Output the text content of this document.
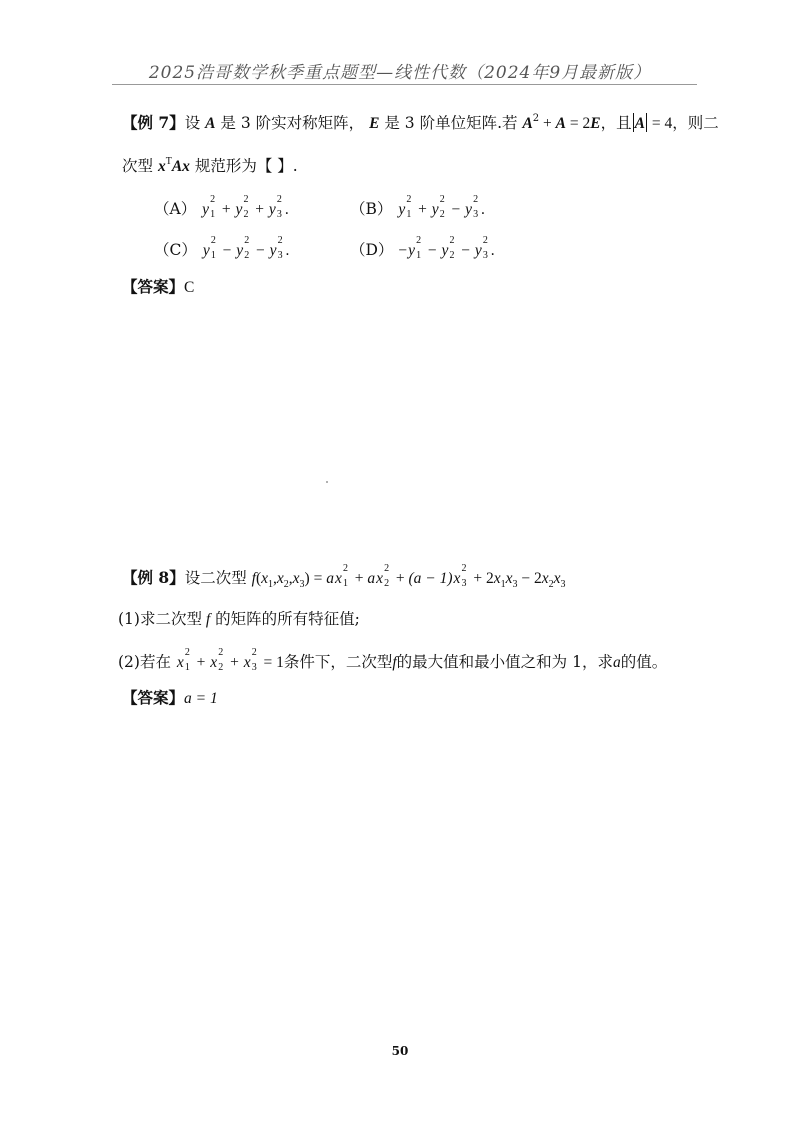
2025浩哥数学秋季重点题型—线性代数（2024年9月最新版）
【例 7】设 A 是 3 阶实对称矩阵， E 是 3 阶单位矩阵.若 $A^2 + A = 2E$，且 A = 4，则二
次型 $x^TAx$ 规范形为【 】.
（A） y
2
1 + y
2
2 + y
2
3 .	（B） y
2
1 + y
2
2 − y
2
3 .
（C） y
2
1 − y
2
2 − y
2
3 .	（D） −y
2
1 − y
2
2 − y
2
3 .
【答案】C
【例 8】设二次型 $f(x_1,x_2,x_3)$ = ax
2
1 + ax
2
2 + (a − 1)x
2
$3 + 2x_1x_3 - 2x_2x_3$
(1)求二次型 f 的矩阵的所有特征值;
(2)若在 x
2
1 + x
2
2 + x
2
3 = 1条件下，二次型f的最大值和最小值之和为 1，求a的值。
【答案】a = 1
50
